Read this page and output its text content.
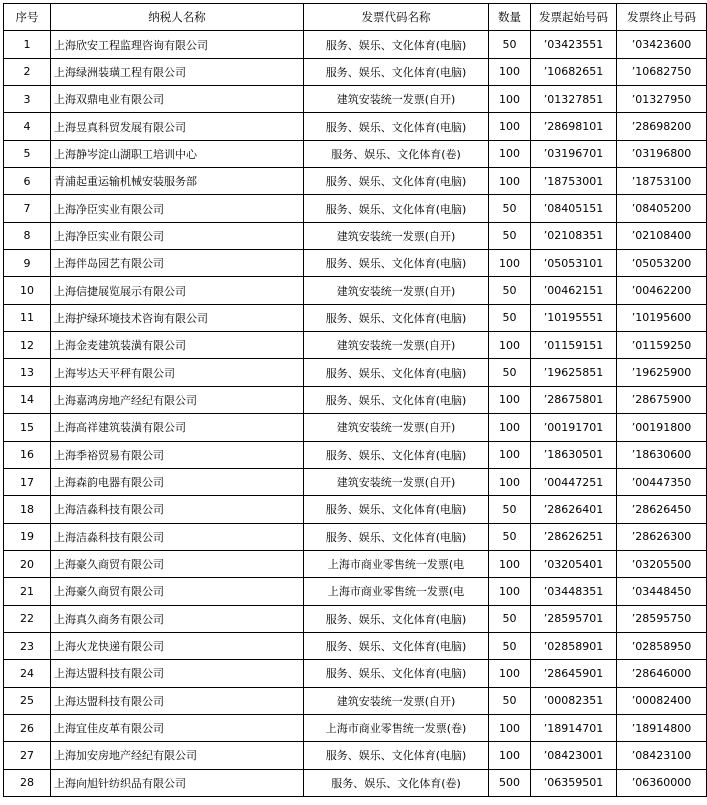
序号	纳税人名称	发票代码名称	数量	发票起始号码	发票终止号码
1	上海欣安工程监理咨询有限公司	服务、娱乐、文化体育(电脑)	50	’03423551	’03423600
2	上海绿洲装璜工程有限公司	服务、娱乐、文化体育(电脑)	100	’10682651	’10682750
3	上海双鼎电业有限公司	建筑安装统一发票(自开)	100	’01327851	’01327950
4	上海昱真科贸发展有限公司	服务、娱乐、文化体育(电脑)	100	’28698101	’28698200
5	上海静岑淀山湖职工培训中心	服务、娱乐、文化体育(卷)	100	’03196701	’03196800
6	青浦起重运输机械安装服务部	服务、娱乐、文化体育(电脑)	100	’18753001	’18753100
7	上海净臣实业有限公司	服务、娱乐、文化体育(电脑)	50	’08405151	’08405200
8	上海净臣实业有限公司	建筑安装统一发票(自开)	50	’02108351	’02108400
9	上海伴岛园艺有限公司	服务、娱乐、文化体育(电脑)	100	’05053101	’05053200
10	上海信捷展览展示有限公司	建筑安装统一发票(自开)	50	’00462151	’00462200
11	上海护绿环境技术咨询有限公司	服务、娱乐、文化体育(电脑)	50	’10195551	’10195600
12	上海金麦建筑装潢有限公司	建筑安装统一发票(自开)	100	’01159151	’01159250
13	上海岑达天平秤有限公司	服务、娱乐、文化体育(电脑)	50	’19625851	’19625900
14	上海嘉鸿房地产经纪有限公司	服务、娱乐、文化体育(电脑)	100	’28675801	’28675900
15	上海高祥建筑装潢有限公司	建筑安装统一发票(自开)	100	’00191701	’00191800
16	上海季裕贸易有限公司	服务、娱乐、文化体育(电脑)	100	’18630501	’18630600
17	上海森韵电器有限公司	建筑安装统一发票(自开)	100	’00447251	’00447350
18	上海洁淼科技有限公司	服务、娱乐、文化体育(电脑)	50	’28626401	’28626450
19	上海洁淼科技有限公司	服务、娱乐、文化体育(电脑)	50	’28626251	’28626300
20	上海豪久商贸有限公司	上海市商业零售统一发票(电	100	’03205401	’03205500
21	上海豪久商贸有限公司	上海市商业零售统一发票(电	100	’03448351	’03448450
22	上海真久商务有限公司	服务、娱乐、文化体育(电脑)	50	’28595701	’28595750
23	上海火龙快递有限公司	服务、娱乐、文化体育(电脑)	50	’02858901	’02858950
24	上海达盟科技有限公司	服务、娱乐、文化体育(电脑)	100	’28645901	’28646000
25	上海达盟科技有限公司	建筑安装统一发票(自开)	50	’00082351	’00082400
26	上海宜佳皮革有限公司	上海市商业零售统一发票(卷)	100	’18914701	’18914800
27	上海加安房地产经纪有限公司	服务、娱乐、文化体育(电脑)	100	’08423001	’08423100
28	上海向旭针纺织品有限公司	服务、娱乐、文化体育(卷)	500	’06359501	’06360000
